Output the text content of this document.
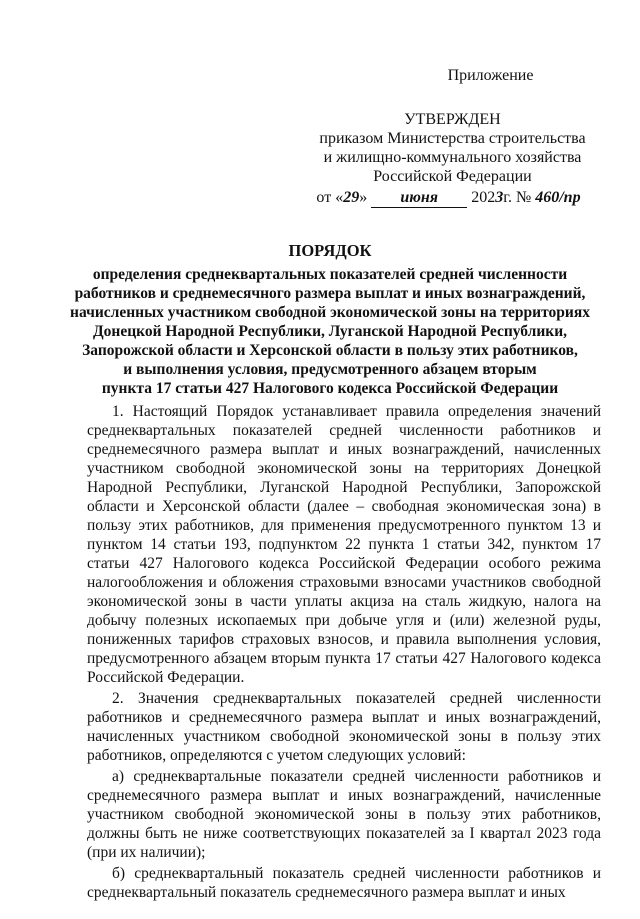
Приложение
УТВЕРЖДЕН
приказом Министерства строительства
и жилищно-коммунального хозяйства
Российской Федерации
от «29» июня 2023г. № 460/пр
ПОРЯДОК
определения среднеквартальных показателей средней численности
работников и среднемесячного размера выплат и иных вознаграждений,
начисленных участником свободной экономической зоны на территориях
Донецкой Народной Республики, Луганской Народной Республики,
Запорожской области и Херсонской области в пользу этих работников,
и выполнения условия, предусмотренного абзацем вторым
пункта 17 статьи 427 Налогового кодекса Российской Федерации

1. Настоящий Порядок устанавливает правила определения значений среднеквартальных показателей средней численности работников и среднемесячного размера выплат и иных вознаграждений, начисленных участником свободной экономической зоны на территориях Донецкой Народной Республики, Луганской Народной Республики, Запорожской области и Херсонской области (далее – свободная экономическая зона) в пользу этих работников, для применения предусмотренного пунктом 13 и пунктом 14 статьи 193, подпунктом 22 пункта 1 статьи 342, пунктом 17 статьи 427 Налогового кодекса Российской Федерации особого режима налогообложения и обложения страховыми взносами участников свободной экономической зоны в части уплаты акциза на сталь жидкую, налога на добычу полезных ископаемых при добыче угля и (или) железной руды, пониженных тарифов страховых взносов, и правила выполнения условия, предусмотренного абзацем вторым пункта 17 статьи 427 Налогового кодекса Российской Федерации.

2. Значения среднеквартальных показателей средней численности работников и среднемесячного размера выплат и иных вознаграждений, начисленных участником свободной экономической зоны в пользу этих работников, определяются с учетом следующих условий:

а) среднеквартальные показатели средней численности работников и среднемесячного размера выплат и иных вознаграждений, начисленные участником свободной экономической зоны в пользу этих работников, должны быть не ниже соответствующих показателей за I квартал 2023 года (при их наличии);

б) среднеквартальный показатель средней численности работников и среднеквартальный показатель среднемесячного размера выплат и иных
